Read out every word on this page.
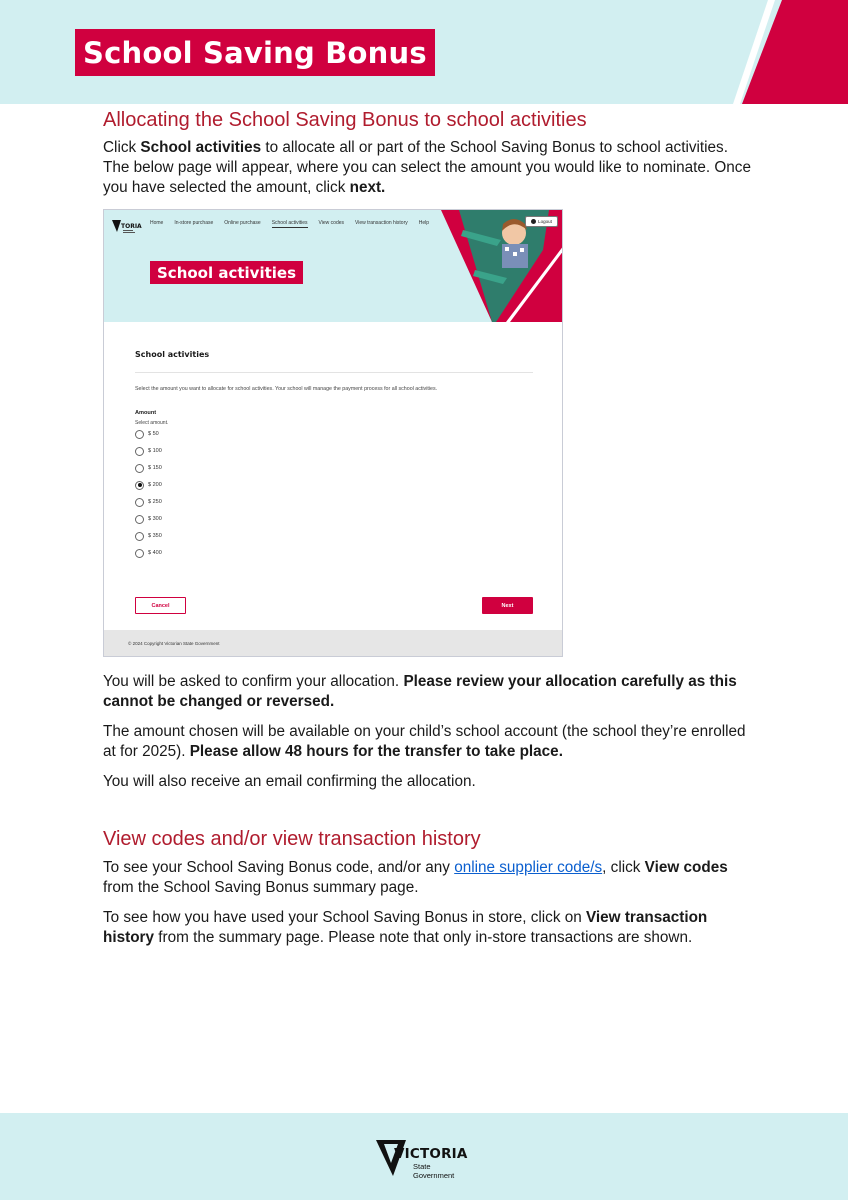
School Saving Bonus
Allocating the School Saving Bonus to school activities

Click School activities to allocate all or part of the School Saving Bonus to school activities. The below page will appear, where you can select the amount you would like to nominate. Once you have selected the amount, click next.

TORIA Home In-store purchase Online purchase School activities View codes View transaction history Help	Logout
School activities
School activities
Select the amount you want to allocate for school activities. Your school will manage the payment process for all school activities.
Amount
Select amount.
$ 50
$ 100
$ 150
$ 200
$ 250
$ 300
$ 350
$ 400
Cancel	Next
© 2024 Copyright Victorian State Government

You will be asked to confirm your allocation. Please review your allocation carefully as this cannot be changed or reversed.

The amount chosen will be available on your child’s school account (the school they’re enrolled at for 2025). Please allow 48 hours for the transfer to take place.

You will also receive an email confirming the allocation.

View codes and/or view transaction history

To see your School Saving Bonus code, and/or any online supplier code/s, click View codes from the School Saving Bonus summary page.

To see how you have used your School Saving Bonus in store, click on View transaction history from the summary page. Please note that only in-store transactions are shown.

VICTORIA
State
Government
